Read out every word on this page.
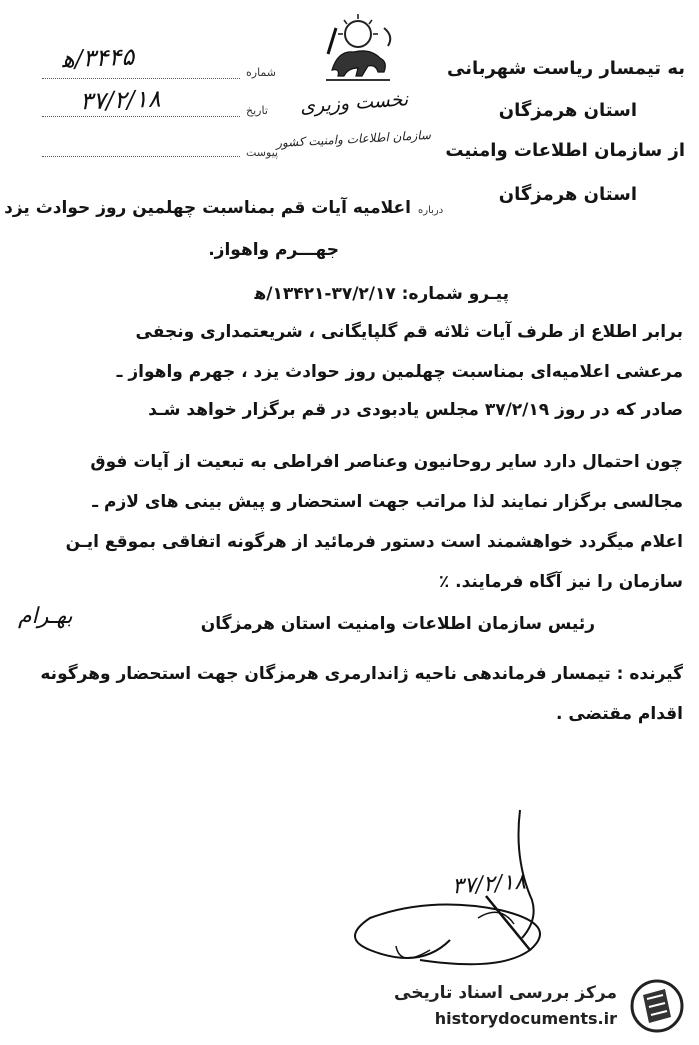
به تیمسار ریاست شهربانی
استان هرمزگان
از سازمان اطلاعات وامنیت
استان هرمزگان
نخست وزیری
سازمان اطلاعات وامنیت کشور
شماره
۳۴۴۵/ه‍
تاریخ
۳۷/۲/۱۸
پیوست
درباره
اعلامیه آیات قم بمناسبت چهلمین روز حوادث یزد
جهـــرم واهواز.
پیـرو شماره: ۳۷/۲/۱۷-۱۳۴۲۱/ه‍
برابر اطلاع از طرف آیات ثلاثه قم گلپایگانی ، شریعتمداری ونجفی
مرعشی اعلامیه‌ای بمناسبت چهلمین روز حوادث یزد ، جهرم واهواز ـ
صادر که در روز ۳۷/۲/۱۹ مجلس یادبودی در قم برگزار خواهد شـد
چون احتمال دارد سایر روحانیون وعناصر افراطی به تبعیت از آیات فوق
مجالسی برگزار نمایند لذا مراتب جهت استحضار و پیش بینی های لازم ـ
اعلام میگردد خواهشمند است دستور فرمائید از هرگونه اتفاقی بموقع ایـن
سازمان را نیز آگاه فرمایند. ٪
رئیس سازمان اطلاعات وامنیت استان هرمزگان
بهـرام
گیرنده : تیمسار فرماندهی ناحیه ژاندارمری هرمزگان جهت استحضار وهرگونه
اقدام مقتضی .
۳۷/۲/۱۸
مرکز بررسی اسناد تاریخی
historydocuments.ir
